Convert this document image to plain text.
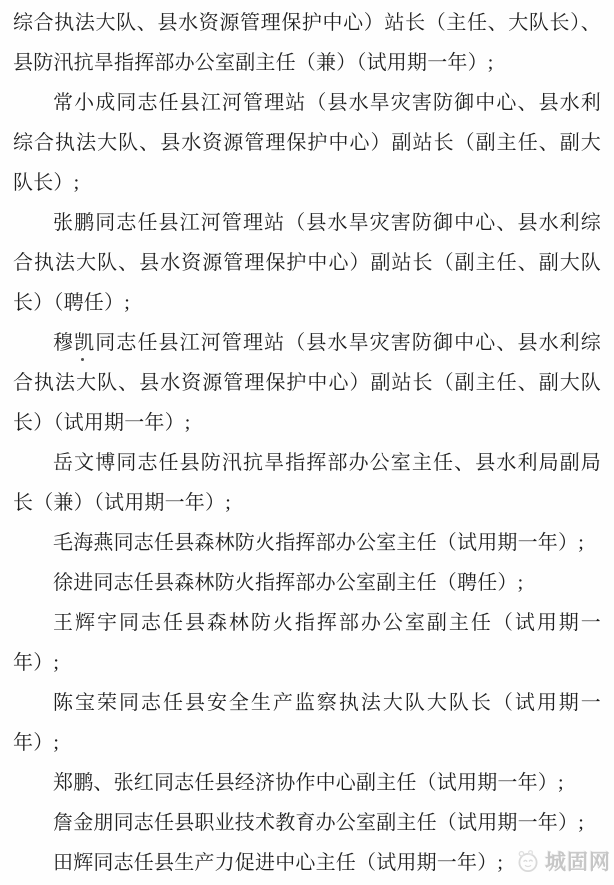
综合执法大队、县水资源管理保护中心）站长（主任、大队长）、
县防汛抗旱指挥部办公室副主任（兼）（试用期一年）;
常小成同志任县江河管理站（县水旱灾害防御中心、县水利
综合执法大队、县水资源管理保护中心）副站长（副主任、副大
队长）;
张鹏同志任县江河管理站（县水旱灾害防御中心、县水利综
合执法大队、县水资源管理保护中心）副站长（副主任、副大队
长）（聘任）;
穆凯同志任县江河管理站（县水旱灾害防御中心、县水利综
合执法大队、县水资源管理保护中心）副站长（副主任、副大队
长）（试用期一年）;
岳文博同志任县防汛抗旱指挥部办公室主任、县水利局副局
长（兼）（试用期一年）;
毛海燕同志任县森林防火指挥部办公室主任（试用期一年）;
徐进同志任县森林防火指挥部办公室副主任（聘任）;
王辉宇同志任县森林防火指挥部办公室副主任（试用期一
年）;
陈宝荣同志任县安全生产监察执法大队大队长（试用期一
年）;
郑鹏、张红同志任县经济协作中心副主任（试用期一年）;
詹金朋同志任县职业技术教育办公室副主任（试用期一年）;
田辉同志任县生产力促进中心主任（试用期一年）;	城固网
